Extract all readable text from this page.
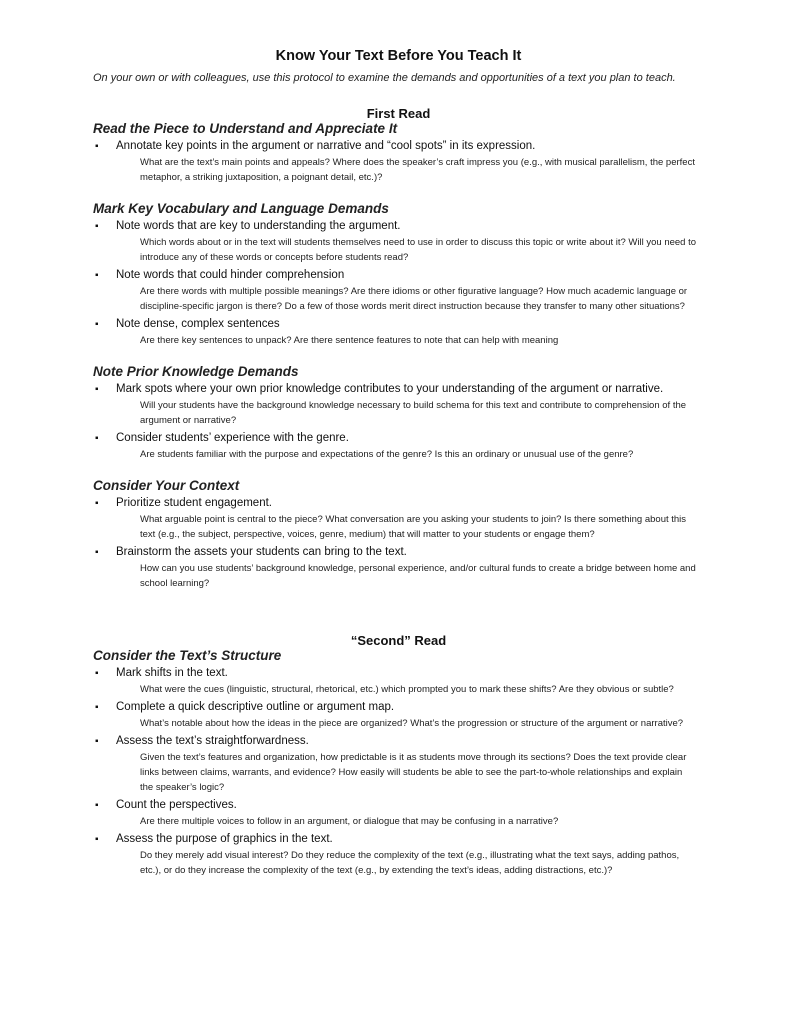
Know Your Text Before You Teach It

On your own or with colleagues, use this protocol to examine the demands and opportunities of a text you plan to teach.

First Read
Read the Piece to Understand and Appreciate It
▪ Annotate key points in the argument or narrative and “cool spots” in its expression.

What are the text’s main points and appeals? Where does the speaker’s craft impress you (e.g., with musical parallelism, the perfect metaphor, a striking juxtaposition, a poignant detail, etc.)?

Mark Key Vocabulary and Language Demands
▪ Note words that are key to understanding the argument.

Which words about or in the text will students themselves need to use in order to discuss this topic or write about it? Will you need to introduce any of these words or concepts before students read?

▪ Note words that could hinder comprehension

Are there words with multiple possible meanings? Are there idioms or other figurative language? How much academic language or discipline-specific jargon is there? Do a few of those words merit direct instruction because they transfer to many other situations?

▪ Note dense, complex sentences

Are there key sentences to unpack? Are there sentence features to note that can help with meaning

Note Prior Knowledge Demands
▪ Mark spots where your own prior knowledge contributes to your understanding of the argument or narrative.

Will your students have the background knowledge necessary to build schema for this text and contribute to comprehension of the argument or narrative?

▪ Consider students’ experience with the genre.

Are students familiar with the purpose and expectations of the genre? Is this an ordinary or unusual use of the genre?

Consider Your Context
▪ Prioritize student engagement.

What arguable point is central to the piece? What conversation are you asking your students to join? Is there something about this text (e.g., the subject, perspective, voices, genre, medium) that will matter to your students or engage them?

▪ Brainstorm the assets your students can bring to the text.

How can you use students’ background knowledge, personal experience, and/or cultural funds to create a bridge between home and school learning?

“Second” Read
Consider the Text’s Structure
▪ Mark shifts in the text.

What were the cues (linguistic, structural, rhetorical, etc.) which prompted you to mark these shifts? Are they obvious or subtle?

▪ Complete a quick descriptive outline or argument map.

What’s notable about how the ideas in the piece are organized? What’s the progression or structure of the argument or narrative?

▪ Assess the text’s straightforwardness.

Given the text’s features and organization, how predictable is it as students move through its sections? Does the text provide clear links between claims, warrants, and evidence? How easily will students be able to see the part-to-whole relationships and explain the speaker’s logic?

▪ Count the perspectives.

Are there multiple voices to follow in an argument, or dialogue that may be confusing in a narrative?

▪ Assess the purpose of graphics in the text.

Do they merely add visual interest? Do they reduce the complexity of the text (e.g., illustrating what the text says, adding pathos, etc.), or do they increase the complexity of the text (e.g., by extending the text’s ideas, adding distractions, etc.)?
